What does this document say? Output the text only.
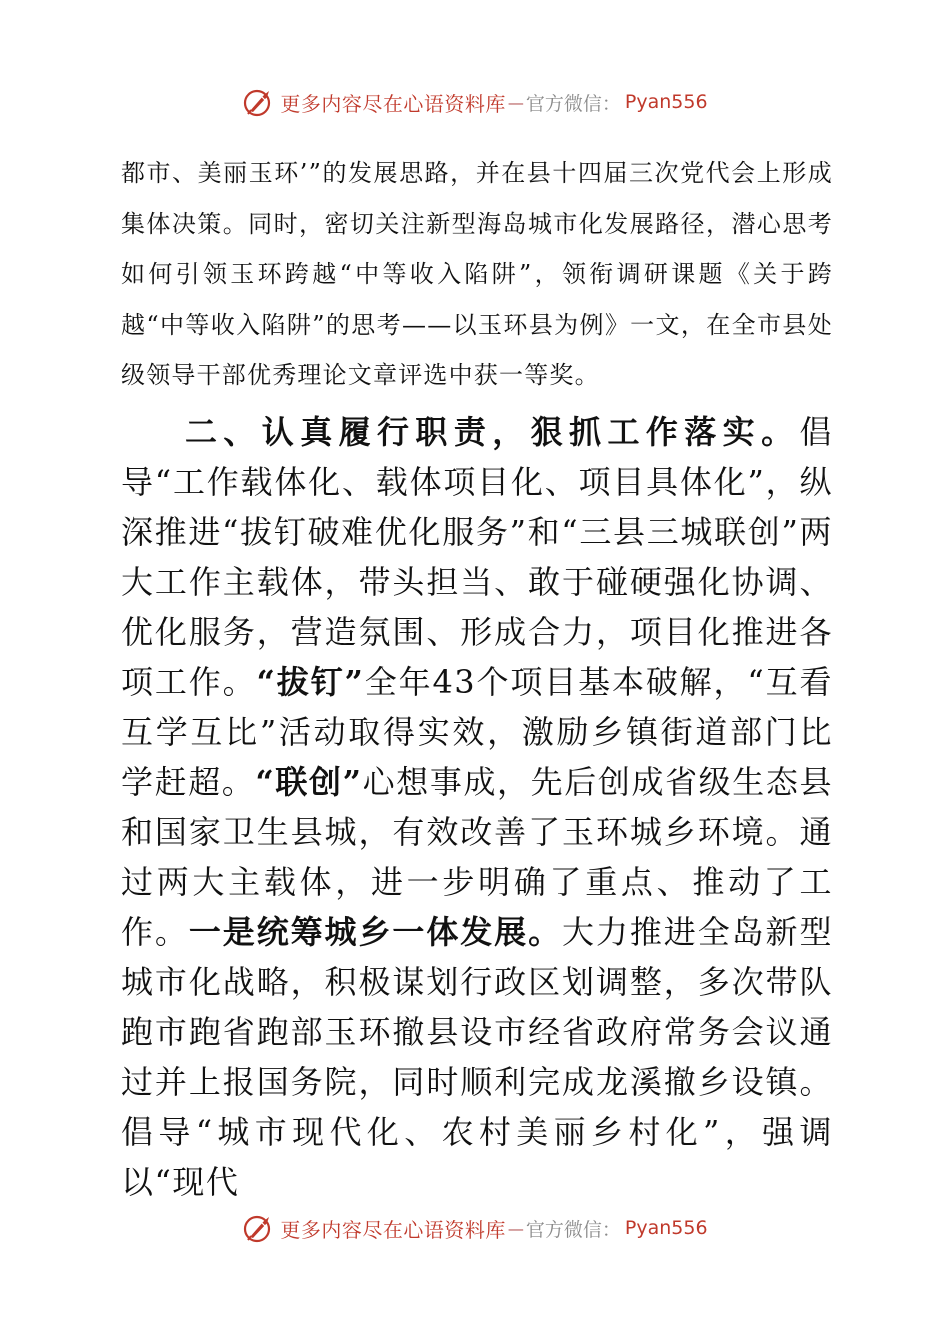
更多内容尽在心语资料库 — 官方微信： Pyan556

都市、美丽玉环’”的发展思路，并在县十四届三次党代会上形成集体决策。同时，密切关注新型海岛城市化发展路径，潜心思考如何引领玉环跨越“中等收入陷阱”，领衔调研课题《关于跨越“中等收入陷阱”的思考——以玉环县为例》一文，在全市县处级领导干部优秀理论文章评选中获一等奖。

二、认真履行职责，狠抓工作落实。倡导“工作载体化、载体项目化、项目具体化”，纵深推进“拔钉破难优化服务”和“三县三城联创”两大工作主载体，带头担当、敢于碰硬强化协调、优化服务，营造氛围、形成合力，项目化推进各项工作。“拔钉”全年43个项目基本破解，“互看互学互比”活动取得实效，激励乡镇街道部门比学赶超。“联创”心想事成，先后创成省级生态县和国家卫生县城，有效改善了玉环城乡环境。通过两大主载体，进一步明确了重点、推动了工作。一是统筹城乡一体发展。大力推进全岛新型城市化战略，积极谋划行政区划调整，多次带队跑市跑省跑部玉环撤县设市经省政府常务会议通过并上报国务院，同时顺利完成龙溪撤乡设镇。倡导“城市现代化、农村美丽乡村化”，强调以“现代

更多内容尽在心语资料库 — 官方微信： Pyan556
